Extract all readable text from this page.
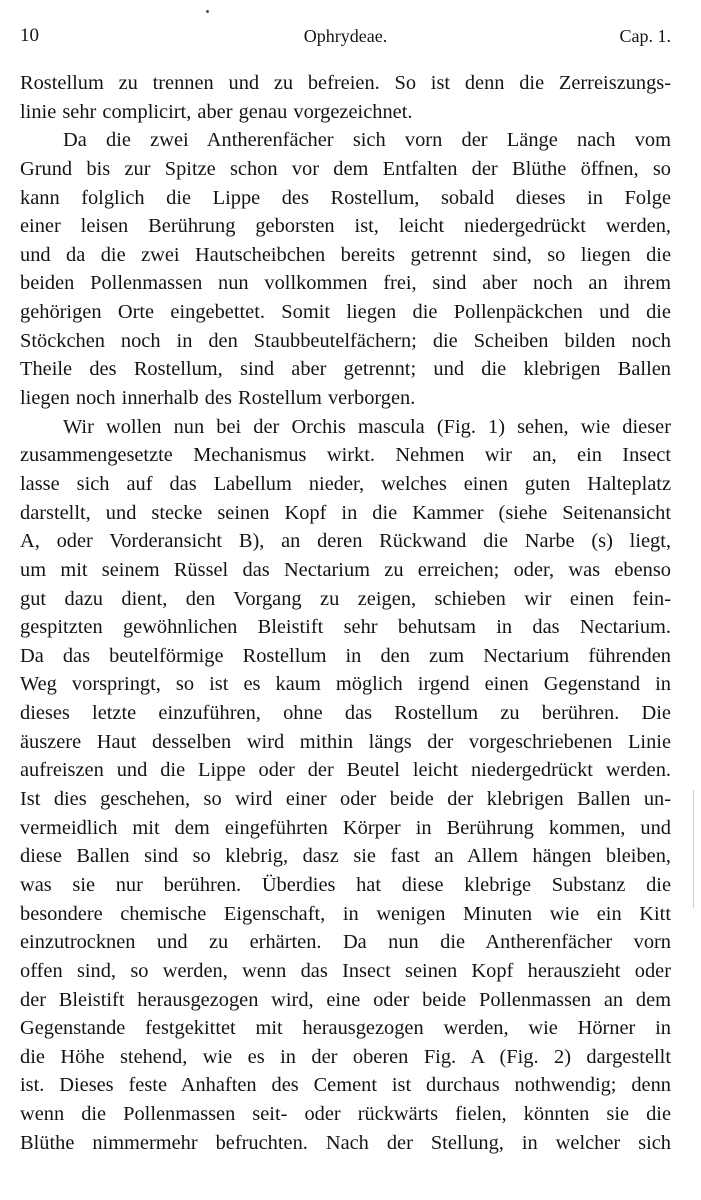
10	Ophrydeae.	Cap. 1.
Rostellum zu trennen und zu befreien. So ist denn die Zerreiszungs-
linie sehr complicirt, aber genau vorgezeichnet.
Da die zwei Antherenfächer sich vorn der Länge nach vom
Grund bis zur Spitze schon vor dem Entfalten der Blüthe öffnen, so
kann folglich die Lippe des Rostellum, sobald dieses in Folge
einer leisen Berührung geborsten ist, leicht niedergedrückt werden,
und da die zwei Hautscheibchen bereits getrennt sind, so liegen die
beiden Pollenmassen nun vollkommen frei, sind aber noch an ihrem
gehörigen Orte eingebettet. Somit liegen die Pollenpäckchen und die
Stöckchen noch in den Staubbeutelfächern; die Scheiben bilden noch
Theile des Rostellum, sind aber getrennt; und die klebrigen Ballen
liegen noch innerhalb des Rostellum verborgen.
Wir wollen nun bei der Orchis mascula (Fig. 1) sehen, wie dieser
zusammengesetzte Mechanismus wirkt. Nehmen wir an, ein Insect
lasse sich auf das Labellum nieder, welches einen guten Halteplatz
darstellt, und stecke seinen Kopf in die Kammer (siehe Seitenansicht
A, oder Vorderansicht B), an deren Rückwand die Narbe (s) liegt,
um mit seinem Rüssel das Nectarium zu erreichen; oder, was ebenso
gut dazu dient, den Vorgang zu zeigen, schieben wir einen fein-
gespitzten gewöhnlichen Bleistift sehr behutsam in das Nectarium.
Da das beutelförmige Rostellum in den zum Nectarium führenden
Weg vorspringt, so ist es kaum möglich irgend einen Gegenstand in
dieses letzte einzuführen, ohne das Rostellum zu berühren. Die
äuszere Haut desselben wird mithin längs der vorgeschriebenen Linie
aufreiszen und die Lippe oder der Beutel leicht niedergedrückt werden.
Ist dies geschehen, so wird einer oder beide der klebrigen Ballen un-
vermeidlich mit dem eingeführten Körper in Berührung kommen, und
diese Ballen sind so klebrig, dasz sie fast an Allem hängen bleiben,
was sie nur berühren. Überdies hat diese klebrige Substanz die
besondere chemische Eigenschaft, in wenigen Minuten wie ein Kitt
einzutrocknen und zu erhärten. Da nun die Antherenfächer vorn
offen sind, so werden, wenn das Insect seinen Kopf herauszieht oder
der Bleistift herausgezogen wird, eine oder beide Pollenmassen an dem
Gegenstande festgekittet mit herausgezogen werden, wie Hörner in
die Höhe stehend, wie es in der oberen Fig. A (Fig. 2) dargestellt
ist. Dieses feste Anhaften des Cement ist durchaus nothwendig; denn
wenn die Pollenmassen seit- oder rückwärts fielen, könnten sie die
Blüthe nimmermehr befruchten. Nach der Stellung, in welcher sich
